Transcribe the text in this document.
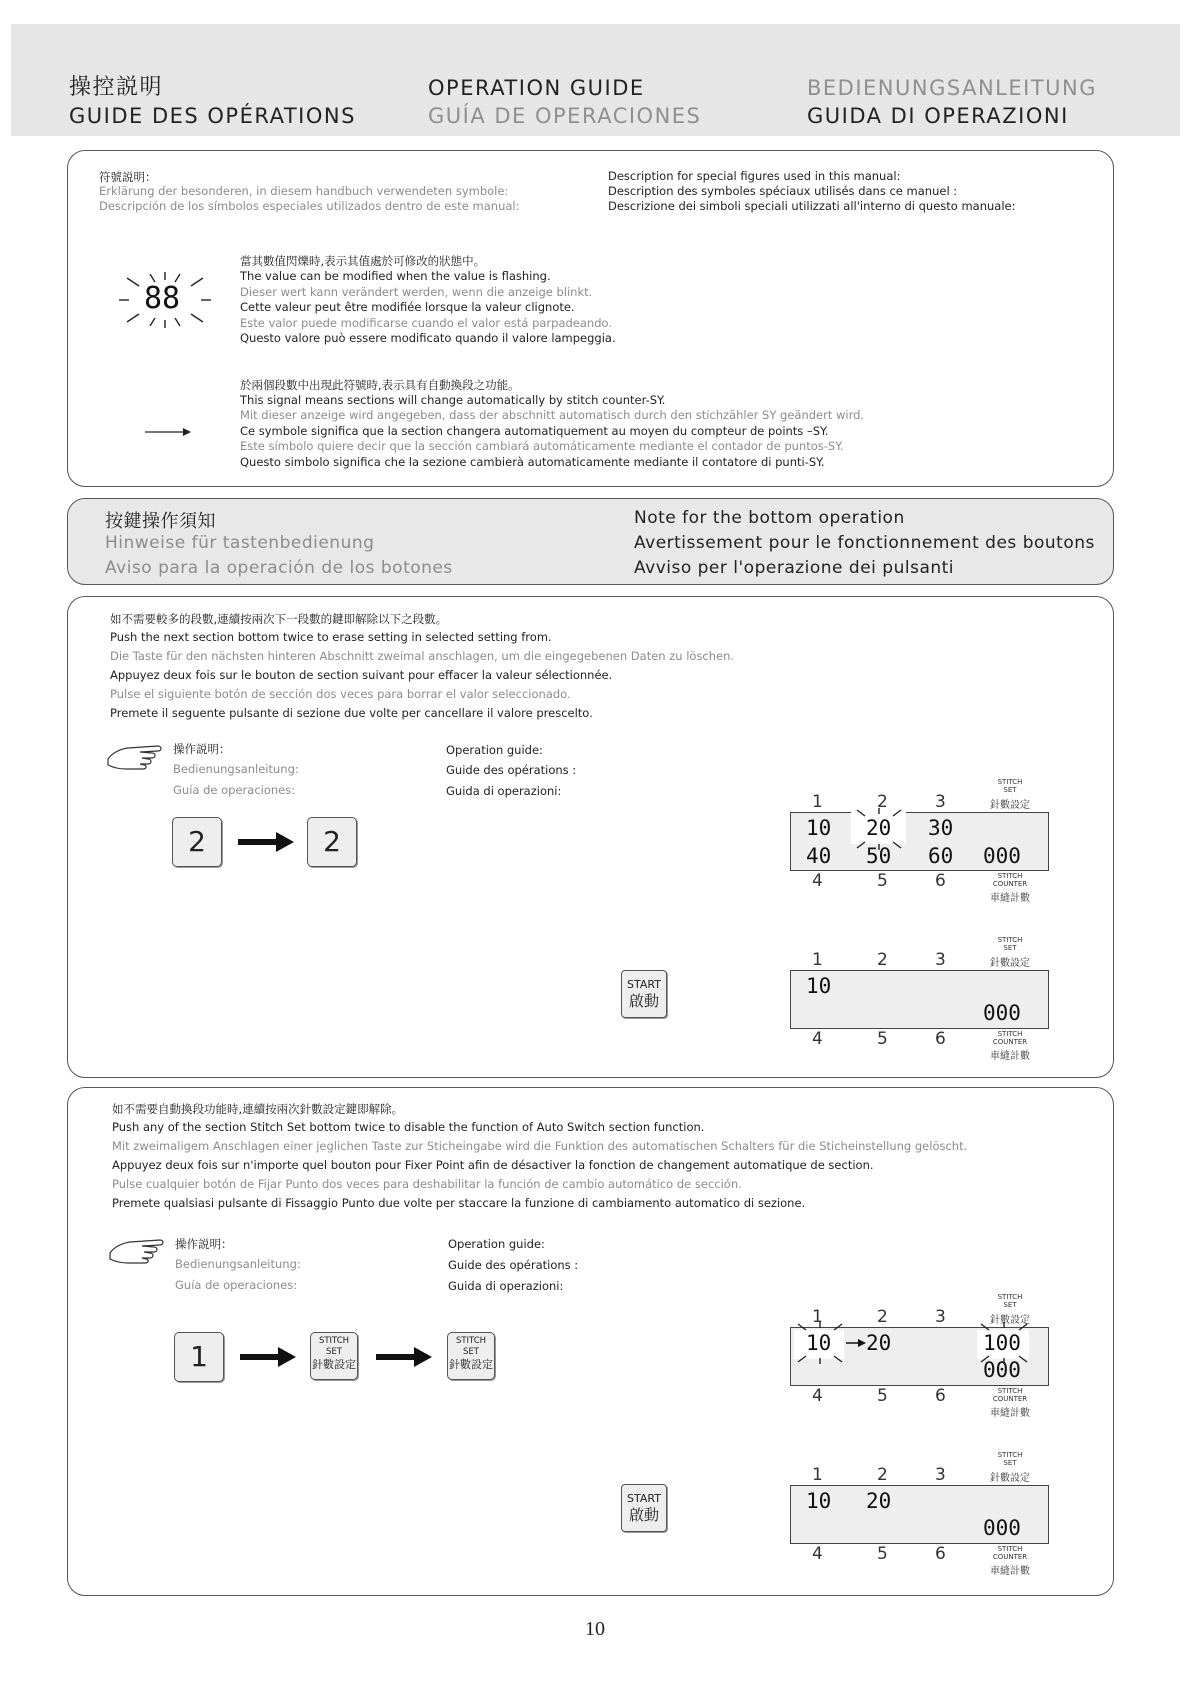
操控説明
GUIDE DES OPÉRATIONS
OPERATION GUIDE
GUÍA DE OPERACIONES
BEDIENUNGSANLEITUNG
GUIDA DI OPERAZIONI
符號説明：
Erklärung der besonderen, in diesem handbuch verwendeten symbole:
Descripción de los símbolos especiales utilizados dentro de este manual:
Description for special figures used in this manual:
Description des symboles spéciaux utilisés dans ce manuel :
Descrizione dei simboli speciali utilizzati all'interno di questo manuale:
88
當其數值閃爍時,表示其值處於可修改的狀態中。
The value can be modified when the value is flashing.
Dieser wert kann verändert werden, wenn die anzeige blinkt.
Cette valeur peut être modifiée lorsque la valeur clignote.
Este valor puede modificarse cuando el valor está parpadeando.
Questo valore può essere modificato quando il valore lampeggia.
於兩個段數中出現此符號時,表示具有自動換段之功能。
This signal means sections will change automatically by stitch counter-SY.
Mit dieser anzeige wird angegeben, dass der abschnitt automatisch durch den stichzähler SY geändert wird.
Ce symbole significa que la section changera automatiquement au moyen du compteur de points –SY.
Este símbolo quiere decir que la sección cambiará automáticamente mediante el contador de puntos-SY.
Questo simbolo significa che la sezione cambierà automaticamente mediante il contatore di punti-SY.
按鍵操作須知
Hinweise für tastenbedienung
Aviso para la operación de los botones
Note for the bottom operation
Avertissement pour le fonctionnement des boutons
Avviso per l'operazione dei pulsanti
如不需要較多的段數,連續按兩次下一段數的鍵即解除以下之段數。
Push the next section bottom twice to erase setting in selected setting from.
Die Taste für den nächsten hinteren Abschnitt zweimal anschlagen, um die eingegebenen Daten zu löschen.
Appuyez deux fois sur le bouton de section suivant pour effacer la valeur sélectionnée.
Pulse el siguiente botón de sección dos veces para borrar el valor seleccionado.
Premete il seguente pulsante di sezione due volte per cancellare il valore prescelto.
操作説明：
Bedienungsanleitung:
Guía de operaciones:
Operation guide:
Guide des opérations :
Guida di operazioni:
2	2
1	2	3
STITCH
SET
針數設定
10 20 30
40 50 60 000
4	5	6	STITCH
COUNTER
車縫計數
START
啟動
1	2	3
STITCH
SET
針數設定
10
000
4	5	6	STITCH
COUNTER
車縫計數
如不需要自動換段功能時,連續按兩次針數設定鍵即解除。
Push any of the section Stitch Set bottom twice to disable the function of Auto Switch section function.
Mit zweimaligem Anschlagen einer jeglichen Taste zur Sticheingabe wird die Funktion des automatischen Schalters für die Sticheinstellung gelöscht.
Appuyez deux fois sur n'importe quel bouton pour Fixer Point afin de désactiver la fonction de changement automatique de section.
Pulse cualquier botón de Fijar Punto dos veces para deshabilitar la función de cambio automático de sección.
Premete qualsiasi pulsante di Fissaggio Punto due volte per staccare la funzione di cambiamento automatico di sezione.
操作説明：
Bedienungsanleitung:
Guía de operaciones:
Operation guide:
Guide des opérations :
Guida di operazioni:
1	STITCH
SET
針數設定
STITCH
SET
針數設定
1	2	3
STITCH
SET
針數設定
10 20	100
000
4	5	6	STITCH
COUNTER
車縫計數
START
啟動
1	2	3
STITCH
SET
針數設定
10 20
000
4	5	6	STITCH
COUNTER
車縫計數
10
